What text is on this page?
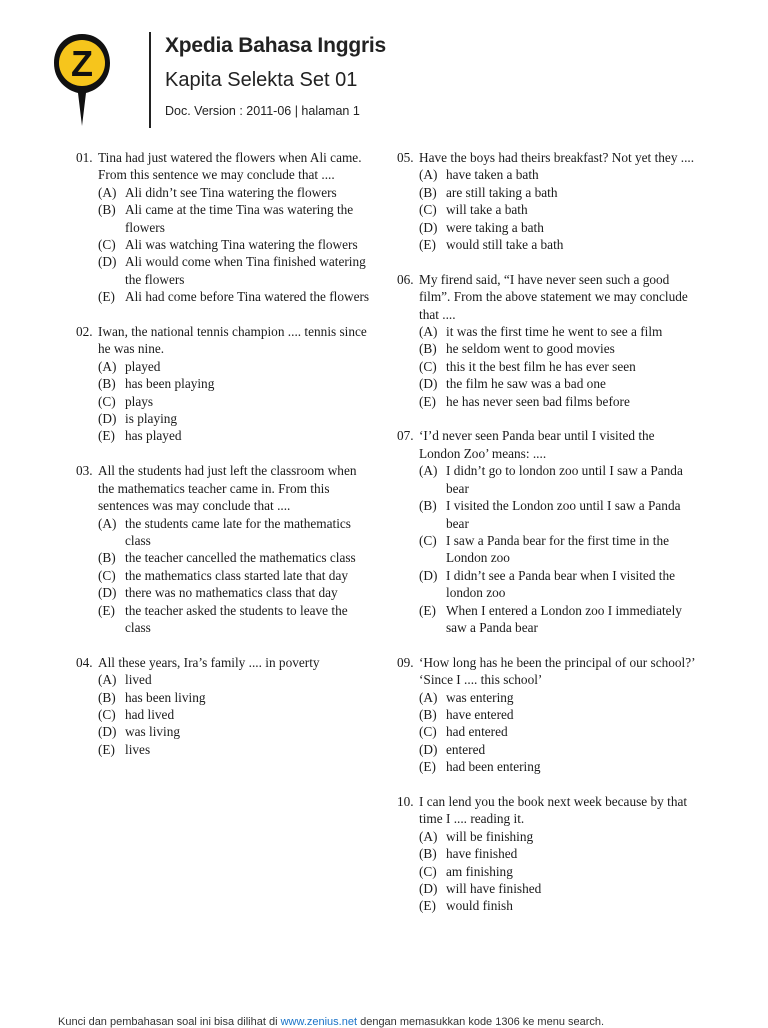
Z	Xpedia Bahasa Inggris
Kapita Selekta Set 01
Doc. Version : 2011-06 | halaman 1
01. Tina had just watered the flowers when Ali came. From this sentence we may conclude that ....
(A) Ali didn’t see Tina watering the flowers
(B) Ali came at the time Tina was watering the flowers
(C) Ali was watching Tina watering the flowers
(D) Ali would come when Tina finished watering the flowers
(E) Ali had come before Tina watered the flowers
02. Iwan, the national tennis champion .... tennis since he was nine.
(A) played
(B) has been playing
(C) plays
(D) is playing
(E) has played
03. All the students had just left the classroom when the mathematics teacher came in. From this sentences was may conclude that ....
(A) the students came late for the mathematics class
(B) the teacher cancelled the mathematics class
(C) the mathematics class started late that day
(D) there was no mathematics class that day
(E) the teacher asked the students to leave the class
04. All these years, Ira’s family .... in poverty
(A) lived
(B) has been living
(C) had lived
(D) was living
(E) lives
05. Have the boys had theirs breakfast? Not yet they ....
(A) have taken a bath
(B) are still taking a bath
(C) will take a bath
(D) were taking a bath
(E) would still take a bath
06. My firend said, “I have never seen such a good film”. From the above statement we may conclude that ....
(A) it was the first time he went to see a film
(B) he seldom went to good movies
(C) this it the best film he has ever seen
(D) the film he saw was a bad one
(E) he has never seen bad films before
07. ‘I’d never seen Panda bear until I visited the London Zoo’ means: ....
(A) I didn’t go to london zoo until I saw a Panda bear
(B) I visited the London zoo until I saw a Panda bear
(C) I saw a Panda bear for the first time in the London zoo
(D) I didn’t see a Panda bear when I visited the london zoo
(E) When I entered a London zoo I immediately saw a Panda bear
09. ‘How long has he been the principal of our school?’ ‘Since I .... this school’
(A) was entering
(B) have entered
(C) had entered
(D) entered
(E) had been entering
10. I can lend you the book next week because by that time I .... reading it.
(A) will be finishing
(B) have finished
(C) am finishing
(D) will have finished
(E) would finish
Kunci dan pembahasan soal ini bisa dilihat di www.zenius.net dengan memasukkan kode 1306 ke menu search.
